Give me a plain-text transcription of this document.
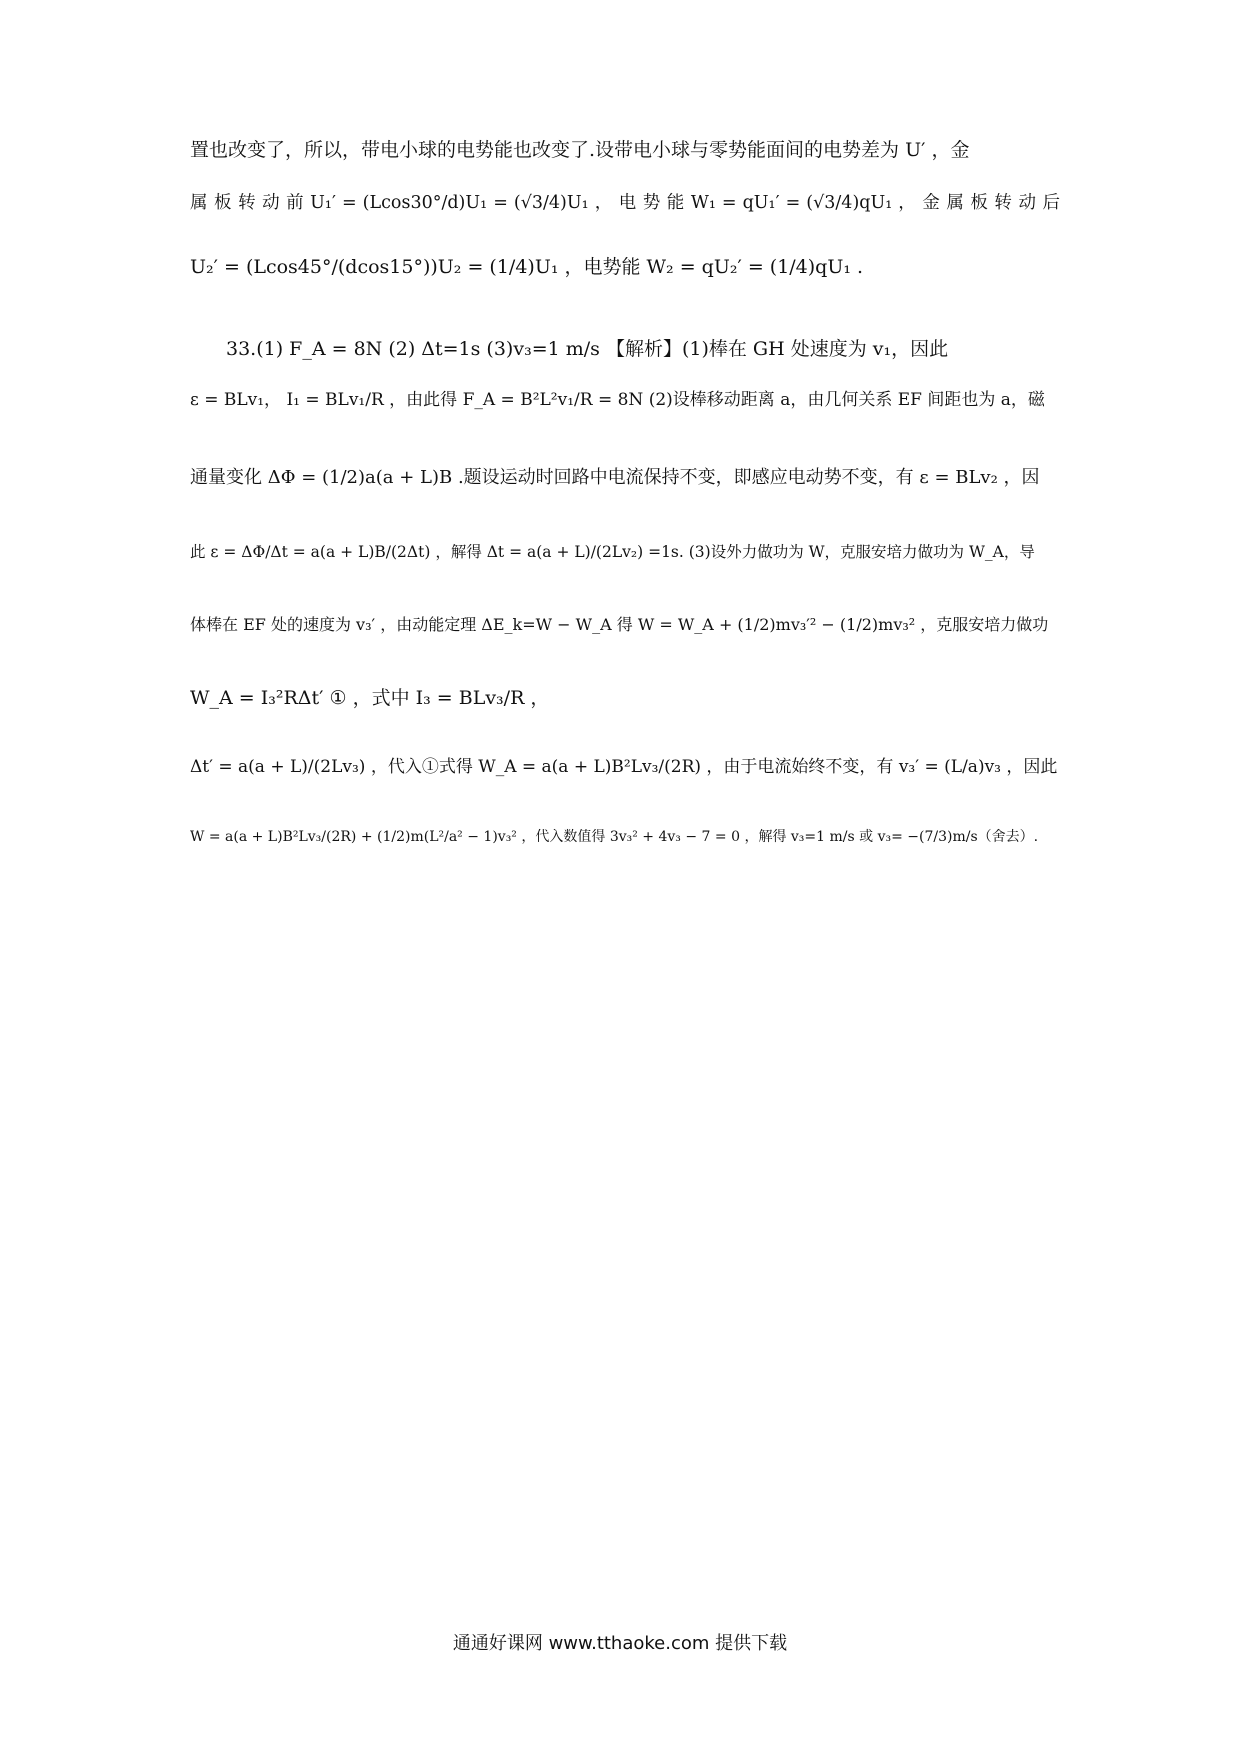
置也改变了，所以，带电小球的电势能也改变了.设带电小球与零势能面间的电势差为 U′ ，金
属 板 转 动 前 U₁′ = (Lcos30°/d)U₁ = (√3/4)U₁ ， 电 势 能 W₁ = qU₁′ = (√3/4)qU₁ ， 金 属 板 转 动 后
U₂′ = (Lcos45°/(dcos15°))U₂ = (1/4)U₁ ，电势能 W₂ = qU₂′ = (1/4)qU₁ .
33.(1) F_A = 8N (2) Δt=1s (3)v₃=1 m/s 【解析】(1)棒在 GH 处速度为 v₁，因此
ε = BLv₁， I₁ = BLv₁/R ，由此得 F_A = B²L²v₁/R = 8N (2)设棒移动距离 a，由几何关系 EF 间距也为 a，磁
通量变化 ΔΦ = (1/2)a(a + L)B .题设运动时回路中电流保持不变，即感应电动势不变，有 ε = BLv₂ ，因
此 ε = ΔΦ/Δt = a(a + L)B/(2Δt) ，解得 Δt = a(a + L)/(2Lv₂) =1s. (3)设外力做功为 W，克服安培力做功为 W_A，导
体棒在 EF 处的速度为 v₃′ ，由动能定理 ΔE_k=W − W_A 得 W = W_A + (1/2)mv₃′² − (1/2)mv₃² ，克服安培力做功
W_A = I₃²RΔt′ ① ，式中 I₃ = BLv₃/R ，
Δt′ = a(a + L)/(2Lv₃) ，代入①式得 W_A = a(a + L)B²Lv₃/(2R) ，由于电流始终不变，有 v₃′ = (L/a)v₃ ，因此
W = a(a + L)B²Lv₃/(2R) + (1/2)m(L²/a² − 1)v₃² ，代入数值得 3v₃² + 4v₃ − 7 = 0 ，解得 v₃=1 m/s 或 v₃= −(7/3)m/s（舍去）.
通通好课网 www.tthaoke.com 提供下载
